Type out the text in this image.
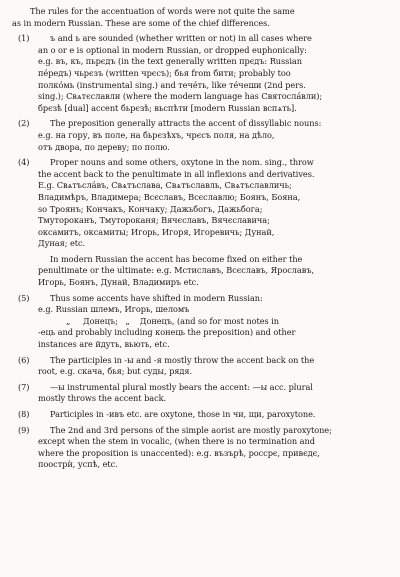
The rules for the accentuation of words were not quite the same
as in modern Russian. These are some of the chief differences.

(1)	ъ and ь are sounded (whether written or not) in all cases where
an o or e is optional in modern Russian, or dropped euphonically:
e.g. въ, къ, пьрєдъ (in the text generally written прєдъ: Russian
пéредъ) чьрєзъ (written чрєсъ); бья from бити; probably too
полкóмь (instrumental sing.) and течéть, like тéчеши (2nd pers.
sing.); Свѧтєславли (where the modern language has Святослáвли);
брєзѣ [dual] accent бьрєзѣ; вьспѣти [modern Russian вспѧть].
(2)	The preposition generally attracts the accent of dissyllabic nouns:
e.g. на гору, въ поле, на бьрєзѣхъ, чрєсъ поля, на дѣло,
отъ двора, по дереву; по полю.
(4)	Proper nouns and some others, oxytone in the nom. sing., throw
the accent back to the penultimate in all inflexions and derivatives.
E.g. Свѧтъслáвъ, Свѧтъслава, Свѧтъславль, Свѧтъславличь;
Владимѣръ, Владимера; Всєславъ, Всєславлю; Боянъ, Бояна,
so Троянъ; Кончакъ, Кончаку; Дажьбогъ, Дажьбога;
Тмутороканъ, Тмутороканя; Вячєславъ, Вячєславича;
оксамитъ, оксамиты; Игорь, Игоря, Игоревичь; Дунай,
Дуная; etc.
In modern Russian the accent has become fixed on either the
penultimate or the ultimate: e.g. Мстиславъ, Всєславъ, Ярославъ,
Игорь, Боянъ, Дунай, Владимиръ etc.
(5)	Thus some accents have shifted in modern Russian:
e.g. Russian шлемъ, Игорь, шеломъ
„     Донецъ;   „    Донецъ, (and so for most notes in
-ець and probably including конець the preposition) and other
instances are йдуть, вьють, etc.
(6)	The participles in -ы and -я mostly throw the accent back on the
root, e.g. скача, бья; but суды, рядя.
(7)	—ы instrumental plural mostly bears the accent: —ы acc. plural
mostly throws the accent back.
(8)	Participles in -ивъ etc. are oxytone, those in чи, щи, paroxytone.
(9)	The 2nd and 3rd persons of the simple aorist are mostly paroxytone;
except when the stem in vocalic, (when there is no termination and
where the proposition is unaccented): e.g. възърѣ, россрє, привєдє,
поострѝ, успѣ, etc.
